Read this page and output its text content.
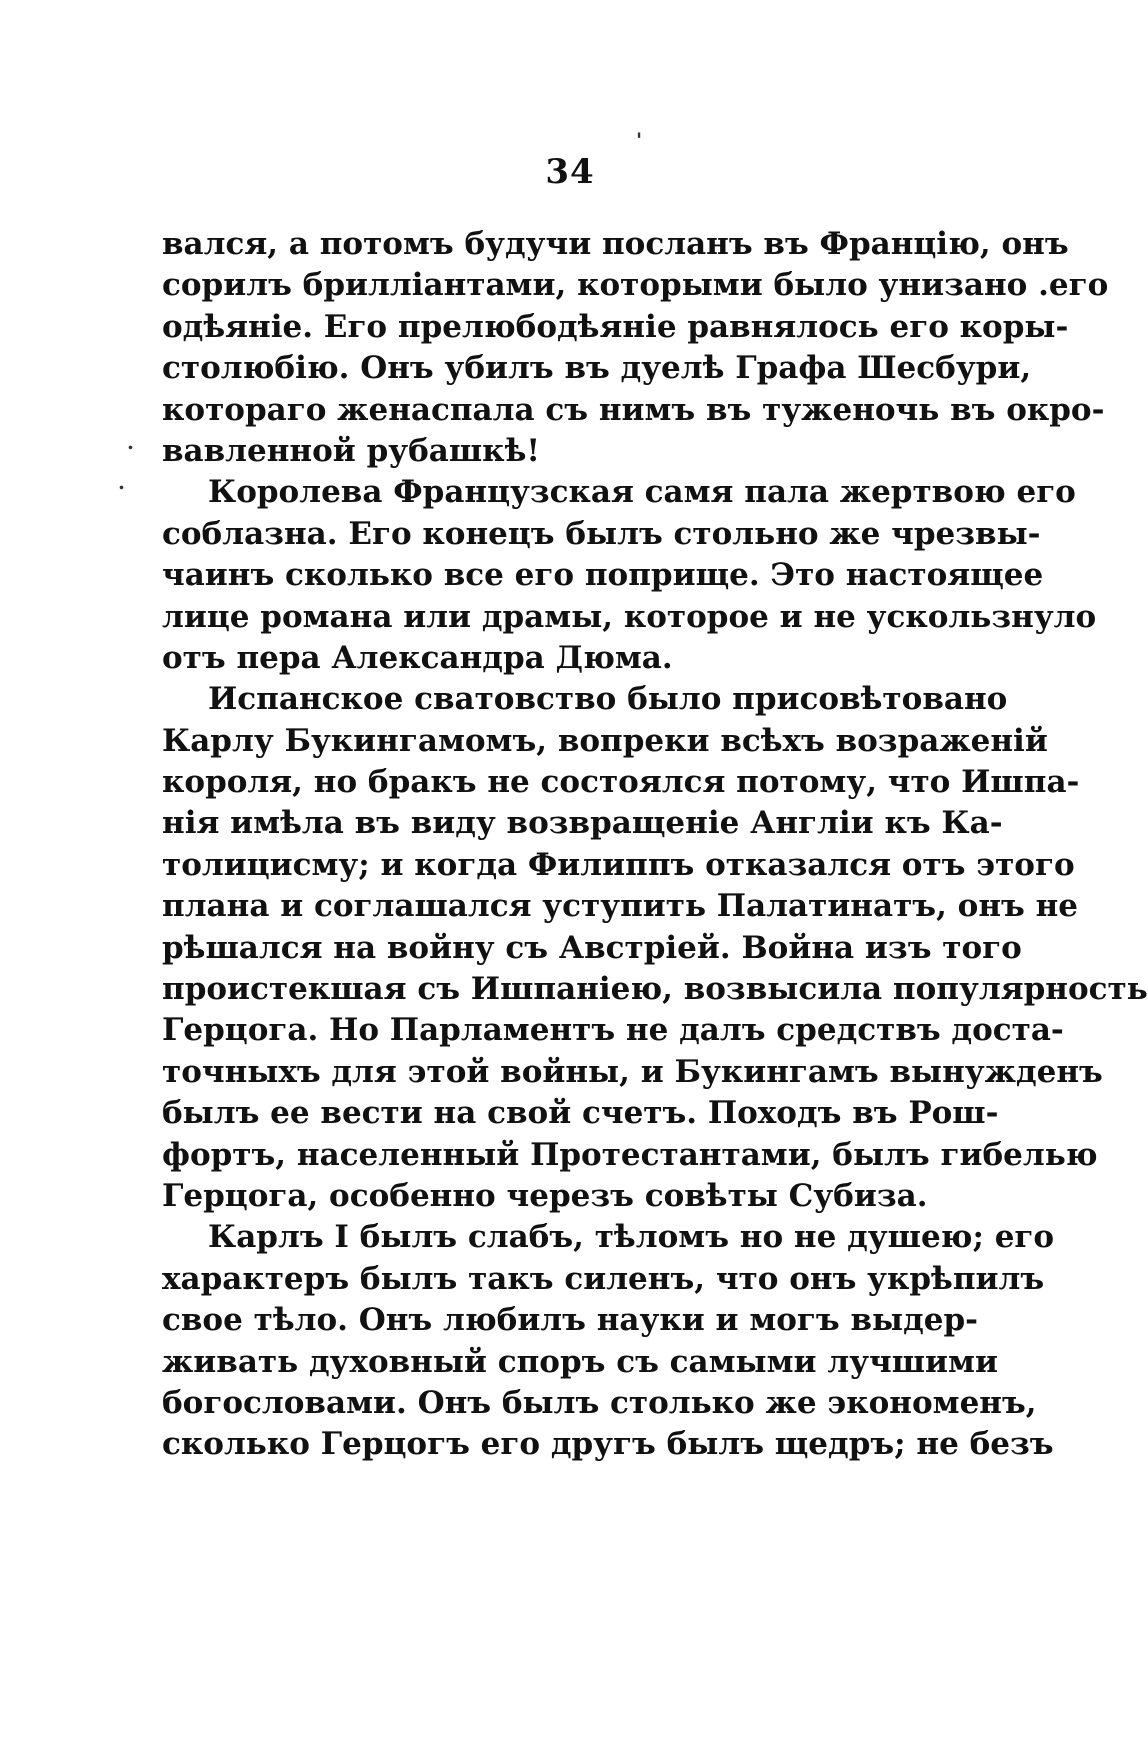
34
'
.
.
вался, а потомъ будучи посланъ въ Францію, онъ
сорилъ брилліантами, которыми было унизано .его
одѣяніе. Его прелюбодѣяніе равнялось его коры-
столюбію. Онъ убилъ въ дуелѣ Графа Шесбури,
котораго женаспала съ нимъ въ туженочь въ окро-
вавленной рубашкѣ!
Королева Французская самя пала жертвою его
соблазна. Его конецъ былъ стольно же чрезвы-
чаинъ сколько все его поприще. Это настоящее
лице романа или драмы, которое и не ускользнуло
отъ пера Александра Дюма.
Испанское сватовство было присовѣтовано
Карлу Букингамомъ, вопреки всѣхъ возраженій
короля, но бракъ не состоялся потому, что Ишпа-
нія имѣла въ виду возвращеніе Англіи къ Ка-
толицисму; и когда Филиппъ отказался отъ этого
плана и соглашался уступить Палатинатъ, онъ не
рѣшался на войну съ Австріей. Война изъ того
проистекшая съ Ишпаніею, возвысила популярность
Герцога. Но Парламентъ не далъ средствъ доста-
точныхъ для этой войны, и Букингамъ вынужденъ
былъ ее вести на свой счетъ. Походъ въ Рош-
фортъ, населенный Протестантами, былъ гибелью
Герцога, особенно черезъ совѣты Субиза.
Карлъ I былъ слабъ, тѣломъ но не душею; его
характеръ былъ такъ силенъ, что онъ укрѣпилъ
свое тѣло. Онъ любилъ науки и могъ выдер-
живать духовный споръ съ самыми лучшими
богословами. Онъ былъ столько же экономенъ,
сколько Герцогъ его другъ былъ щедръ; не безъ
